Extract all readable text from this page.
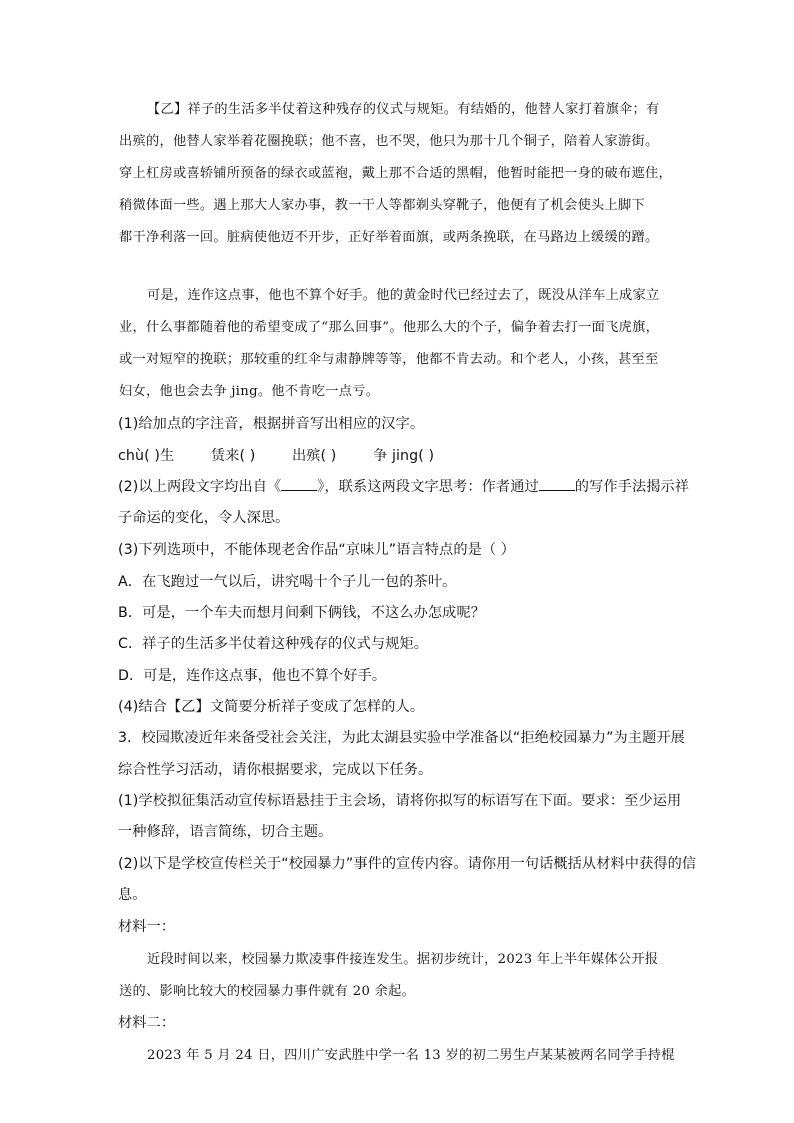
【乙】祥子的生活多半仗着这种残存的仪式与规矩。有结婚的，他替人家打着旗伞；有
出殡的，他替人家举着花圈挽联；他不喜，也不哭，他只为那十几个铜子，陪着人家游街。
穿上杠房或喜轿铺所预备的绿衣或蓝袍，戴上那不合适的黑帽，他暂时能把一身的破布遮住，
稍微体面一些。遇上那大人家办事，教一干人等都剃头穿靴子，他便有了机会使头上脚下
都干净利落一回。脏病使他迈不开步，正好举着面旗，或两条挽联，在马路边上缓缓的蹭。
可是，连作这点事，他也不算个好手。他的黄金时代已经过去了，既没从洋车上成家立
业，什么事都随着他的希望变成了“那么回事”。他那么大的个子，偏争着去打一面飞虎旗，
或一对短窄的挽联；那较重的红伞与肃静牌等等，他都不肯去动。和个老人，小孩，甚至至
妇女，他也会去争 jing。他不肯吃一点亏。
(1)给加点的字注音，根据拼音写出相应的汉字。
chù( )生	赁来( )	出殡( )	争 jing( )
(2)以上两段文字均出自《	》，联系这两段文字思考：作者通过	的写作手法揭示祥
子命运的变化，令人深思。
(3)下列选项中，不能体现老舍作品“京味儿”语言特点的是（ ）
A．在飞跑过一气以后，讲究喝十个子儿一包的茶叶。
B．可是，一个车夫而想月间剩下俩钱，不这么办怎成呢？
C．祥子的生活多半仗着这种残存的仪式与规矩。
D．可是，连作这点事，他也不算个好手。
(4)结合【乙】文简要分析祥子变成了怎样的人。
3．校园欺凌近年来备受社会关注，为此太湖县实验中学准备以“拒绝校园暴力”为主题开展
综合性学习活动，请你根据要求，完成以下任务。
(1)学校拟征集活动宣传标语悬挂于主会场，请将你拟写的标语写在下面。要求：至少运用
一种修辞，语言简练，切合主题。
(2)以下是学校宣传栏关于“校园暴力”事件的宣传内容。请你用一句话概括从材料中获得的信
息。
材料一：
近段时间以来，校园暴力欺凌事件接连发生。据初步统计，2023 年上半年媒体公开报
送的、影响比较大的校园暴力事件就有 20 余起。
材料二：
2023 年 5 月 24 日，四川广安武胜中学一名 13 岁的初二男生卢某某被两名同学手持棍
